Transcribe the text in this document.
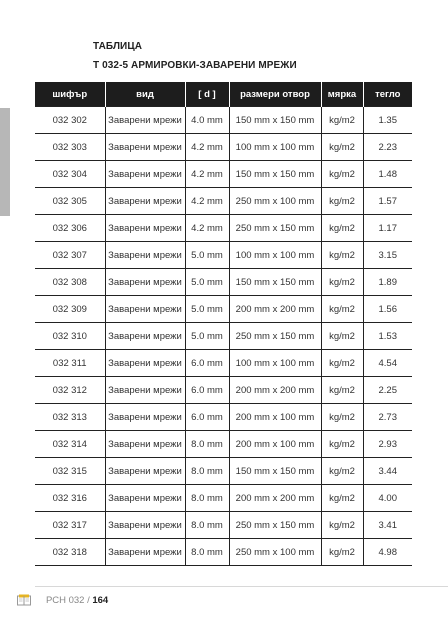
ТАБЛИЦА
Т 032-5 АРМИРОВКИ-ЗАВАРЕНИ МРЕЖИ
шифър	вид	[ d ]	размери отвор	мярка	тегло
032 302	Заварени мрежи	4.0 mm	150 mm x 150 mm	kg/m2	1.35
032 303	Заварени мрежи	4.2 mm	100 mm x 100 mm	kg/m2	2.23
032 304	Заварени мрежи	4.2 mm	150 mm x 150 mm	kg/m2	1.48
032 305	Заварени мрежи	4.2 mm	250 mm x 100 mm	kg/m2	1.57
032 306	Заварени мрежи	4.2 mm	250 mm x 150 mm	kg/m2	1.17
032 307	Заварени мрежи	5.0 mm	100 mm x 100 mm	kg/m2	3.15
032 308	Заварени мрежи	5.0 mm	150 mm x 150 mm	kg/m2	1.89
032 309	Заварени мрежи	5.0 mm	200 mm x 200 mm	kg/m2	1.56
032 310	Заварени мрежи	5.0 mm	250 mm x 150 mm	kg/m2	1.53
032 311	Заварени мрежи	6.0 mm	100 mm x 100 mm	kg/m2	4.54
032 312	Заварени мрежи	6.0 mm	200 mm x 200 mm	kg/m2	2.25
032 313	Заварени мрежи	6.0 mm	200 mm x 100 mm	kg/m2	2.73
032 314	Заварени мрежи	8.0 mm	200 mm x 100 mm	kg/m2	2.93
032 315	Заварени мрежи	8.0 mm	150 mm x 150 mm	kg/m2	3.44
032 316	Заварени мрежи	8.0 mm	200 mm x 200 mm	kg/m2	4.00
032 317	Заварени мрежи	8.0 mm	250 mm x 150 mm	kg/m2	3.41
032 318	Заварени мрежи	8.0 mm	250 mm x 100 mm	kg/m2	4.98
РСН 032 / 164
